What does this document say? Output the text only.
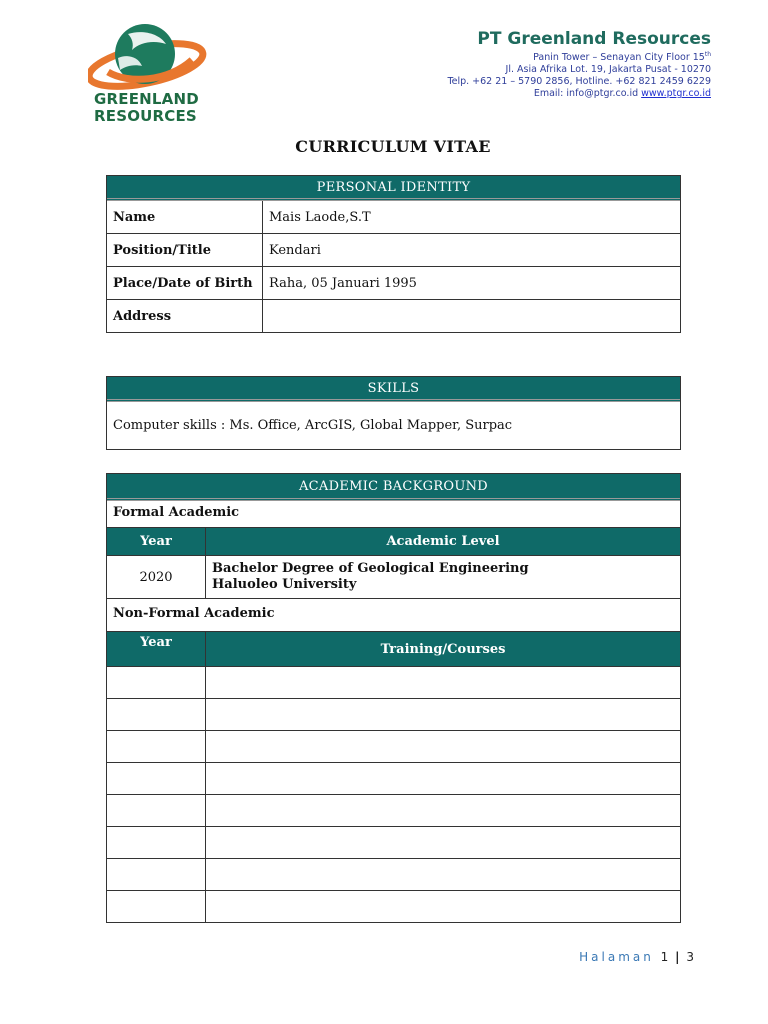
GREENLAND
RESOURCES
PT Greenland Resources
Panin Tower – Senayan City Floor 15th
Jl. Asia Afrika Lot. 19, Jakarta Pusat - 10270
Telp. +62 21 – 5790 2856, Hotline. +62 821 2459 6229
Email: info@ptgr.co.id www.ptgr.co.id
CURRICULUM VITAE
PERSONAL IDENTITY
Name	Mais Laode,S.T
Position/Title	Kendari
Place/Date of Birth	Raha, 05 Januari 1995
Address	
SKILLS
Computer skills : Ms. Office, ArcGIS, Global Mapper, Surpac
ACADEMIC BACKGROUND
Formal Academic
Year	Academic Level
2020	Bachelor Degree of Geological Engineering
Haluoleo University
Non-Formal Academic
Year	Training/Courses

Halaman 1 | 3
